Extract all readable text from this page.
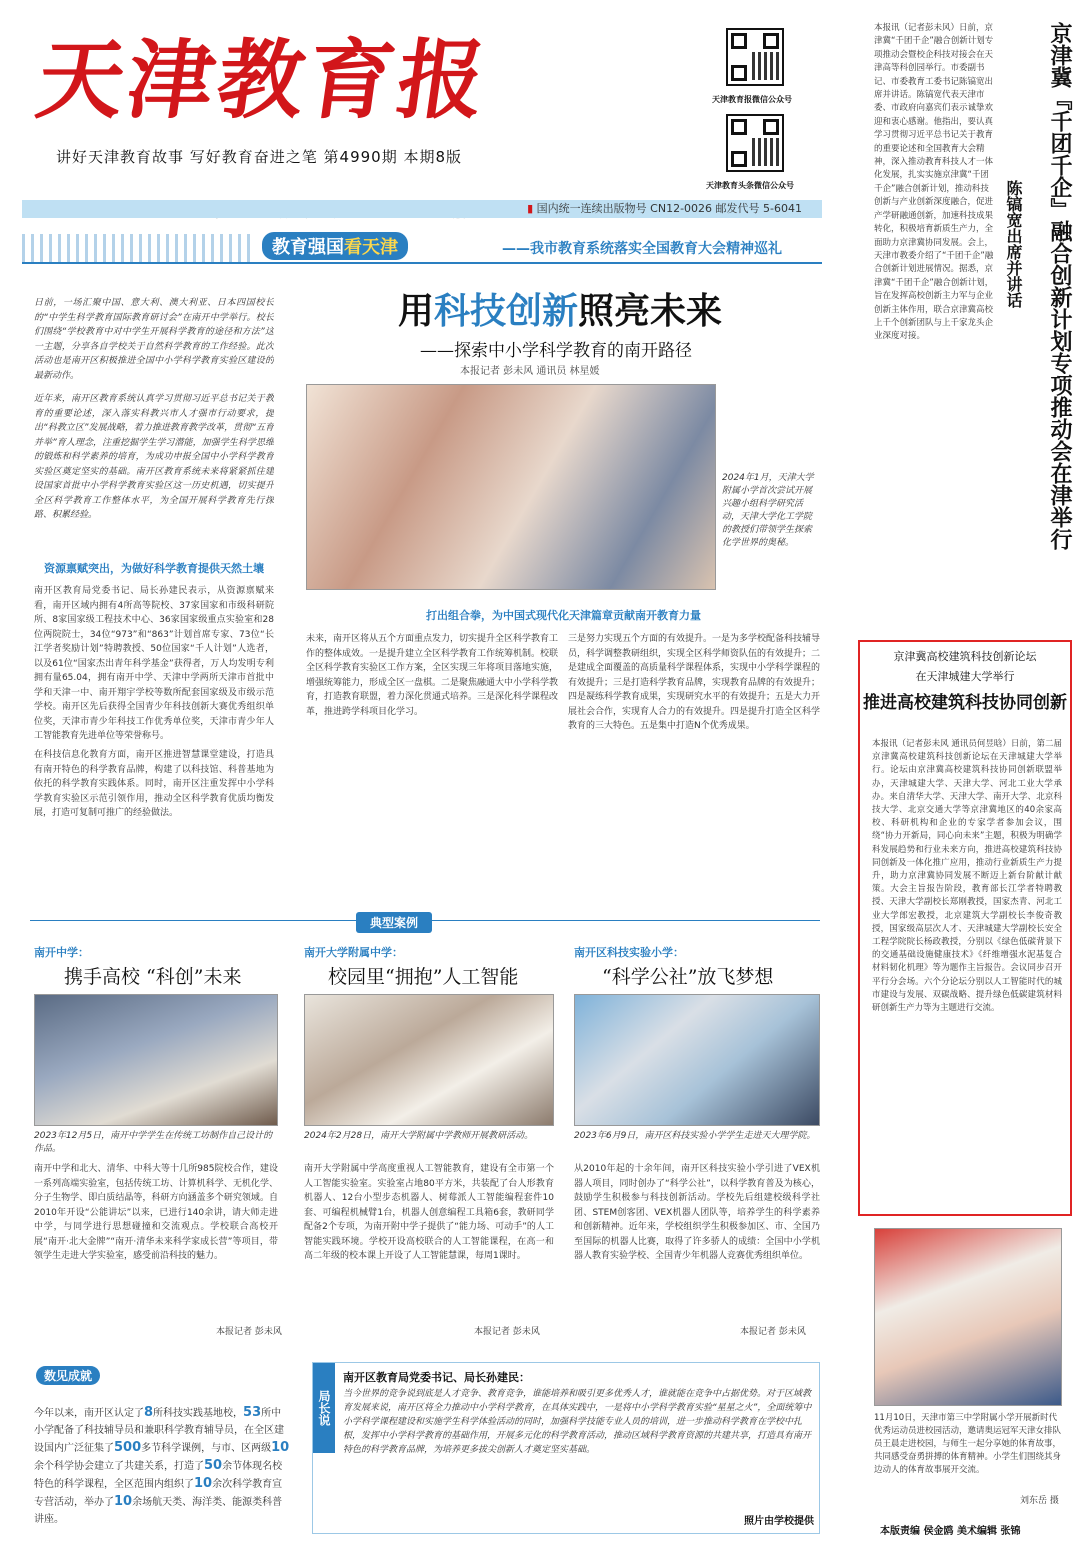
天津教育报
讲好天津教育故事 写好教育奋进之笔 第4990期 本期8版
天津教育报微信公众号
天津教育头条微信公众号
▮ 国内统一连续出版物号 CN12-0026 邮发代号 5-6041
教育强国看天津	——我市教育系统落实全国教育大会精神巡礼
日前，一场汇聚中国、意大利、澳大利亚、日本四国校长的“中学生科学教育国际教育研讨会”在南开中学举行。校长们围绕“学校教育中对中学生开展科学教育的途径和方法”这一主题，分享各自学校关于自然科学教育的工作经验。此次活动也是南开区积极推进全国中小学科学教育实验区建设的最新动作。
近年来，南开区教育系统认真学习贯彻习近平总书记关于教育的重要论述，深入落实科教兴市人才强市行动要求，提出“科教立区”发展战略，着力推进教育教学改革，贯彻“五育并举”育人理念，注重挖掘学生学习潜能，加强学生科学思维的锻炼和科学素养的培育，为成功申报全国中小学科学教育实验区奠定坚实的基础。南开区教育系统未来将紧紧抓住建设国家首批中小学科学教育实验区这一历史机遇，切实提升全区科学教育工作整体水平，为全国开展科学教育先行探路、积累经验。
资源禀赋突出，为做好科学教育提供天然土壤
南开区教育局党委书记、局长孙建民表示，从资源禀赋来看，南开区域内拥有4所高等院校、37家国家和市级科研院所、8家国家级工程技术中心、36家国家级重点实验室和28位两院院士，34位“973”和“863”计划首席专家、73位“长江学者奖励计划”特聘教授、50位国家“千人计划”人选者，以及61位“国家杰出青年科学基金”获得者，万人均发明专利拥有量65.04，拥有南开中学、天津中学两所天津市首批中学和天津一中、南开翔宇学校等数所配套国家级及市级示范学校。南开区先后获得全国青少年科技创新大赛优秀组织单位奖，天津市青少年科技工作优秀单位奖，天津市青少年人工智能教育先进单位等荣誉称号。
在科技信息化教育方面，南开区推进智慧课堂建设，打造具有南开特色的科学教育品牌，构建了以科技馆、科普基地为依托的科学教育实践体系。同时，南开区注重发挥中小学科学教育实验区示范引领作用，推动全区科学教育优质均衡发展，打造可复制可推广的经验做法。
用科技创新照亮未来
——探索中小学科学教育的南开路径
本报记者 彭未风 通讯员 林星媛
2024年1月，天津大学附属小学首次尝试开展兴趣小组科学研究活动，天津大学化工学院的教授们带领学生探索化学世界的奥秘。
打出组合拳，为中国式现代化天津篇章贡献南开教育力量
未来，南开区将从五个方面重点发力，切实提升全区科学教育工作的整体成效。一是提升建立全区科学教育工作统筹机制。校联全区科学教育实验区工作方案，全区实现三年将项目落地实施，增强统筹能力，形成全区一盘棋。二是聚焦融通大中小学科学教育，打造教育联盟，着力深化贯通式培养。三是深化科学课程改革，推进跨学科项目化学习。
三是努力实现五个方面的有效提升。一是为多学校配备科技辅导员，科学调整教研组织，实现全区科学师资队伍的有效提升；二是建成全面覆盖的高质量科学课程体系，实现中小学科学课程的有效提升；三是打造科学教育品牌，实现教育品牌的有效提升；四是凝练科学教育成果，实现研究水平的有效提升；五是大力开展社会合作，实现育人合力的有效提升。四是提升打造全区科学教育的三大特色。五是集中打造N个优秀成果。
典型案例
南开中学：
携手高校 “科创”未来
2023年12月5日，南开中学学生在传统工坊制作自己设计的作品。
南开中学和北大、清华、中科大等十几所985院校合作，建设一系列高端实验室，包括传统工坊、计算机科学、无机化学、分子生物学、即白质结晶等，科研方向涵盖多个研究领域。自2010年开设“公能讲坛”以来，已进行140余讲，请大师走进中学，与同学进行思想碰撞和交流观点。学校联合高校开展“南开·北大金牌”“南开·清华未来科学家成长营”等项目，带领学生走进大学实验室，感受前沿科技的魅力。
本报记者 彭未风
南开大学附属中学：
校园里“拥抱”人工智能
2024年2月28日，南开大学附属中学教师开展教研活动。
南开大学附属中学高度重视人工智能教育，建设有全市第一个人工智能实验室。实验室占地80平方米，共装配了台人形教育机器人、12台小型步态机器人、树莓派人工智能编程套件10套、可编程机械臂1台，机器人创意编程工具箱6套，教研同学配备2个专项，为南开附中学子提供了“能力场、可动手”的人工智能实践环境。学校开设高校联合的人工智能课程，在高一和高二年级的校本课上开设了人工智能慧课，每周1课时。
本报记者 彭未风
南开区科技实验小学：
“科学公社”放飞梦想
2023年6月9日，南开区科技实验小学学生走进天大理学院。
从2010年起的十余年间，南开区科技实验小学引进了VEX机器人项目，同时创办了“科学公社”，以科学教育普及为核心，鼓励学生积极参与科技创新活动。学校先后组建校级科学社团、STEM创客团、VEX机器人团队等，培养学生的科学素养和创新精神。近年来，学校组织学生积极参加区、市、全国乃至国际的机器人比赛，取得了许多骄人的成绩：全国中小学机器人教育实验学校、全国青少年机器人竞赛优秀组织单位。
本报记者 彭未风
数见成就
今年以来，南开区认定了8所科技实践基地校，53所中小学配备了科技辅导员和兼职科学教育辅导员，在全区建设国内广泛征集了500多节科学课例，与市、区两级10余个科学协会建立了共建关系，打造了50余节体现名校特色的科学课程，全区范围内组织了10余次科学教育宣专营活动，举办了10余场航天类、海洋类、能源类科普讲座。
局长说
南开区教育局党委书记、局长孙建民：
当今世界的竞争说到底是人才竞争、教育竞争，谁能培养和吸引更多优秀人才，谁就能在竞争中占据优势。对于区域教育发展来说，南开区将全力推动中小学科学教育，在具体实践中，一是将中小学科学教育实验“星星之火”，全面统筹中小学科学课程建设和实施学生科学体验活动的同时，加强科学技能专业人员的培训，进一步推动科学教育在学校中扎根，发挥中小学科学教育的基础作用，开展多元化的科学教育活动，推动区域科学教育资源的共建共享，打造具有南开特色的科学教育品牌，为培养更多拔尖创新人才奠定坚实基础。
照片由学校提供
本报讯（记者彭未风）日前，京津冀“千团千企”融合创新计划专项推动会暨校企科技对接会在天津高等科创园举行。市委副书记、市委教育工委书记陈镐宽出席并讲话。陈镐宽代表天津市委、市政府向嘉宾们表示诚挚欢迎和衷心感谢。他指出，要认真学习贯彻习近平总书记关于教育的重要论述和全国教育大会精神，深入推动教育科技人才一体化发展，扎实实施京津冀“千团千企”融合创新计划，推动科技创新与产业创新深度融合，促进产学研融通创新，加速科技成果转化，积极培育新质生产力，全面助力京津冀协同发展。会上，天津市教委介绍了“千团千企”融合创新计划进展情况。据悉，京津冀“千团千企”融合创新计划，旨在发挥高校创新主力军与企业创新主体作用，联合京津冀高校上千个创新团队与上千家龙头企业深度对接。	京津冀『千团千企』融合创新计划专项推动会在津举行
陈镐宽出席并讲话
京津冀高校建筑科技创新论坛
在天津城建大学举行
推进高校建筑科技协同创新
本报讯（记者彭未风 通讯员何昱晗）日前，第二届京津冀高校建筑科技创新论坛在天津城建大学举行。论坛由京津冀高校建筑科技协同创新联盟举办，天津城建大学、天津大学、河北工业大学承办。来自清华大学、天津大学、南开大学、北京科技大学、北京交通大学等京津冀地区的40余家高校、科研机构和企业的专家学者参加会议，围绕“协力开新局，同心向未来”主题，积极为明确学科发展趋势和行业未来方向，推进高校建筑科技协同创新及一体化推广应用，推动行业新质生产力提升，助力京津冀协同发展不断迈上新台阶献计献策。大会主旨报告阶段，教育部长江学者特聘教授、天津大学副校长郑刚教授，国家杰青、河北工业大学郎宏教授，北京建筑大学副校长李俊奇教授，国家级高层次人才、天津城建大学副校长安全工程学院院长杨政教授，分别以《绿色低碳背景下的交通基础设施健康技术》《纤维增强水泥基复合材料韧化机理》等为题作主旨报告。会议同步召开平行分会场。六个分论坛分别以人工智能时代的城市建设与发展、双碳战略、提升绿色低碳建筑材料研创新生产力等为主题进行交流。
11月10日，天津市第三中学附属小学开展新时代优秀运动员进校园活动，邀请奥运冠军天津女排队员王晨走进校园，与师生一起分享她的体育故事，共同感受奋勇拼搏的体育精神。小学生们围绕其身边动人的体育故事展开交流。
刘东岳 摄
本版责编 侯金鸥 美术编辑 张锦
